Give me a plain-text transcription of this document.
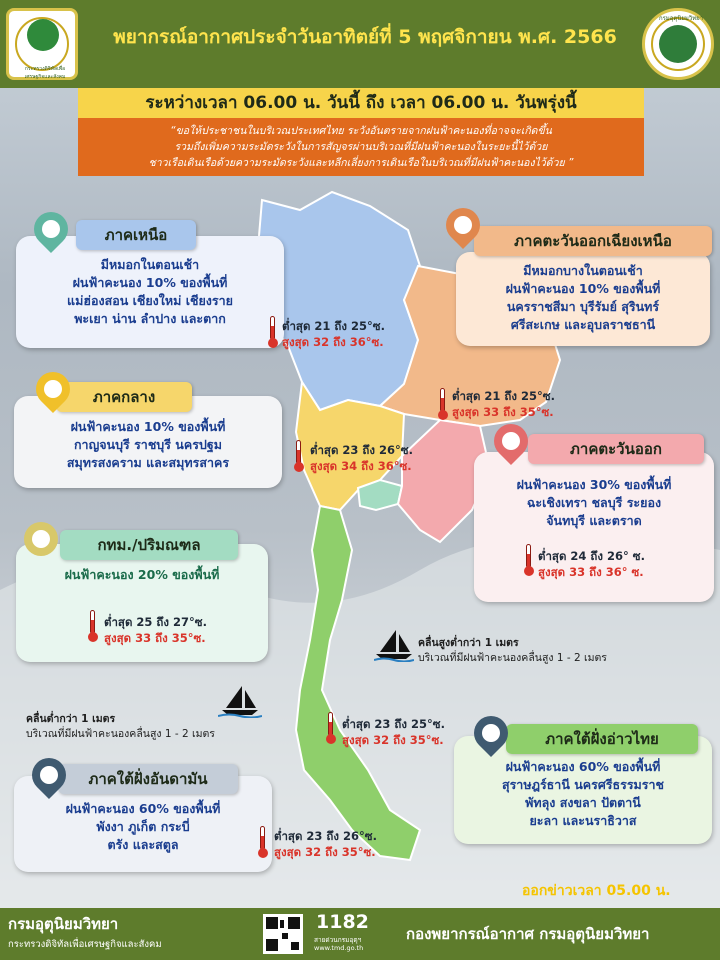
กระทรวงดิจิทัลเพื่อเศรษฐกิจและสังคม
พยากรณ์อากาศประจำวันอาทิตย์ที่ 5 พฤศจิกายน พ.ศ. 2566
กรมอุตุนิยมวิทยา
ระหว่างเวลา 06.00 น. วันนี้ ถึง เวลา 06.00 น. วันพรุ่งนี้
“ขอให้ประชาชนในบริเวณประเทศไทย ระวังอันตรายจากฝนฟ้าคะนองที่อาจจะเกิดขึ้น
รวมถึงเพิ่มความระมัดระวังในการสัญจรผ่านบริเวณที่มีฝนฟ้าคะนองในระยะนี้ไว้ด้วย
ชาวเรือเดินเรือด้วยความระมัดระวังและหลีกเลี่ยงการเดินเรือในบริเวณที่มีฝนฟ้าคะนองไว้ด้วย ”
มีหมอกในตอนเช้า
ฝนฟ้าคะนอง 10% ของพื้นที่
แม่ฮ่องสอน เชียงใหม่ เชียงราย
พะเยา น่าน ลำปาง และตาก
ภาคเหนือ
ต่ำสุด 21 ถึง 25°ซ.
สูงสุด 32 ถึง 36°ซ.
มีหมอกบางในตอนเช้า
ฝนฟ้าคะนอง 10% ของพื้นที่
นครราชสีมา บุรีรัมย์ สุรินทร์
ศรีสะเกษ และอุบลราชธานี
ภาคตะวันออกเฉียงเหนือ
ต่ำสุด 21 ถึง 25°ซ.
สูงสุด 33 ถึง 35°ซ.
ฝนฟ้าคะนอง 10% ของพื้นที่
กาญจนบุรี ราชบุรี นครปฐม
สมุทรสงคราม และสมุทรสาคร
ภาคกลาง
ต่ำสุด 23 ถึง 26°ซ.
สูงสุด 34 ถึง 36°ซ.
ฝนฟ้าคะนอง 30% ของพื้นที่
ฉะเชิงเทรา ชลบุรี ระยอง
จันทบุรี และตราด
ภาคตะวันออก
ต่ำสุด 24 ถึง 26° ซ.
สูงสุด 33 ถึง 36° ซ.
ฝนฟ้าคะนอง 20% ของพื้นที่
กทม./ปริมณฑล
ต่ำสุด 25 ถึง 27°ซ.
สูงสุด 33 ถึง 35°ซ.	คลื่นสูงต่ำกว่า 1 เมตร
บริเวณที่มีฝนฟ้าคะนองคลื่นสูง 1 - 2 เมตร
คลื่นต่ำกว่า 1 เมตร
บริเวณที่มีฝนฟ้าคะนองคลื่นสูง 1 - 2 เมตร
ฝนฟ้าคะนอง 60% ของพื้นที่
สุราษฎร์ธานี นครศรีธรรมราช
พัทลุง สงขลา ปัตตานี
ยะลา และนราธิวาส
ภาคใต้ฝั่งอ่าวไทย
ต่ำสุด 23 ถึง 25°ซ.
สูงสุด 32 ถึง 35°ซ.
ฝนฟ้าคะนอง 60% ของพื้นที่
พังงา ภูเก็ต กระบี่
ตรัง และสตูล
ภาคใต้ฝั่งอันดามัน
ต่ำสุด 23 ถึง 26°ซ.
สูงสุด 32 ถึง 35°ซ.
ออกข่าวเวลา 05.00 น.
กรมอุตุนิยมวิทยา
กระทรวงดิจิทัลเพื่อเศรษฐกิจและสังคม
1182
สายด่วนกรมอุตุฯ
www.tmd.go.th
กองพยากรณ์อากาศ กรมอุตุนิยมวิทยา
